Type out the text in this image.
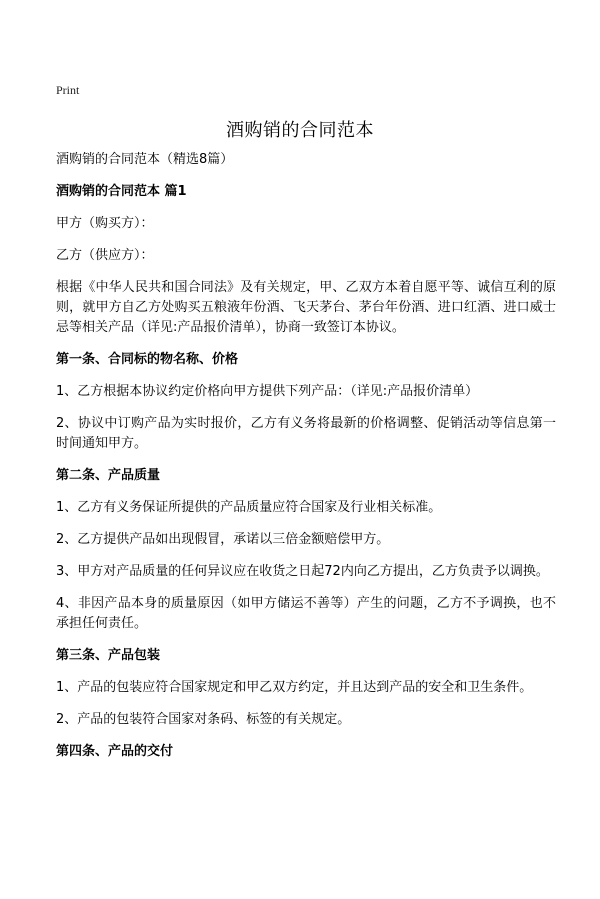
Print
酒购销的合同范本

酒购销的合同范本（精选8篇）

酒购销的合同范本 篇1

甲方（购买方）：

乙方（供应方）：

根据《中华人民共和国合同法》及有关规定，甲、乙双方本着自愿平等、诚信互利的原则，就甲方自乙方处购买五粮液年份酒、飞天茅台、茅台年份酒、进口红酒、进口威士忌等相关产品（详见:产品报价清单），协商一致签订本协议。

第一条、合同标的物名称、价格

1、乙方根据本协议约定价格向甲方提供下列产品：（详见:产品报价清单）

2、协议中订购产品为实时报价，乙方有义务将最新的价格调整、促销活动等信息第一时间通知甲方。

第二条、产品质量

1、乙方有义务保证所提供的产品质量应符合国家及行业相关标准。

2、乙方提供产品如出现假冒，承诺以三倍金额赔偿甲方。

3、甲方对产品质量的任何异议应在收货之日起72内向乙方提出，乙方负责予以调换。

4、非因产品本身的质量原因（如甲方储运不善等）产生的问题，乙方不予调换，也不承担任何责任。

第三条、产品包装

1、产品的包装应符合国家规定和甲乙双方约定，并且达到产品的安全和卫生条件。

2、产品的包装符合国家对条码、标签的有关规定。

第四条、产品的交付
